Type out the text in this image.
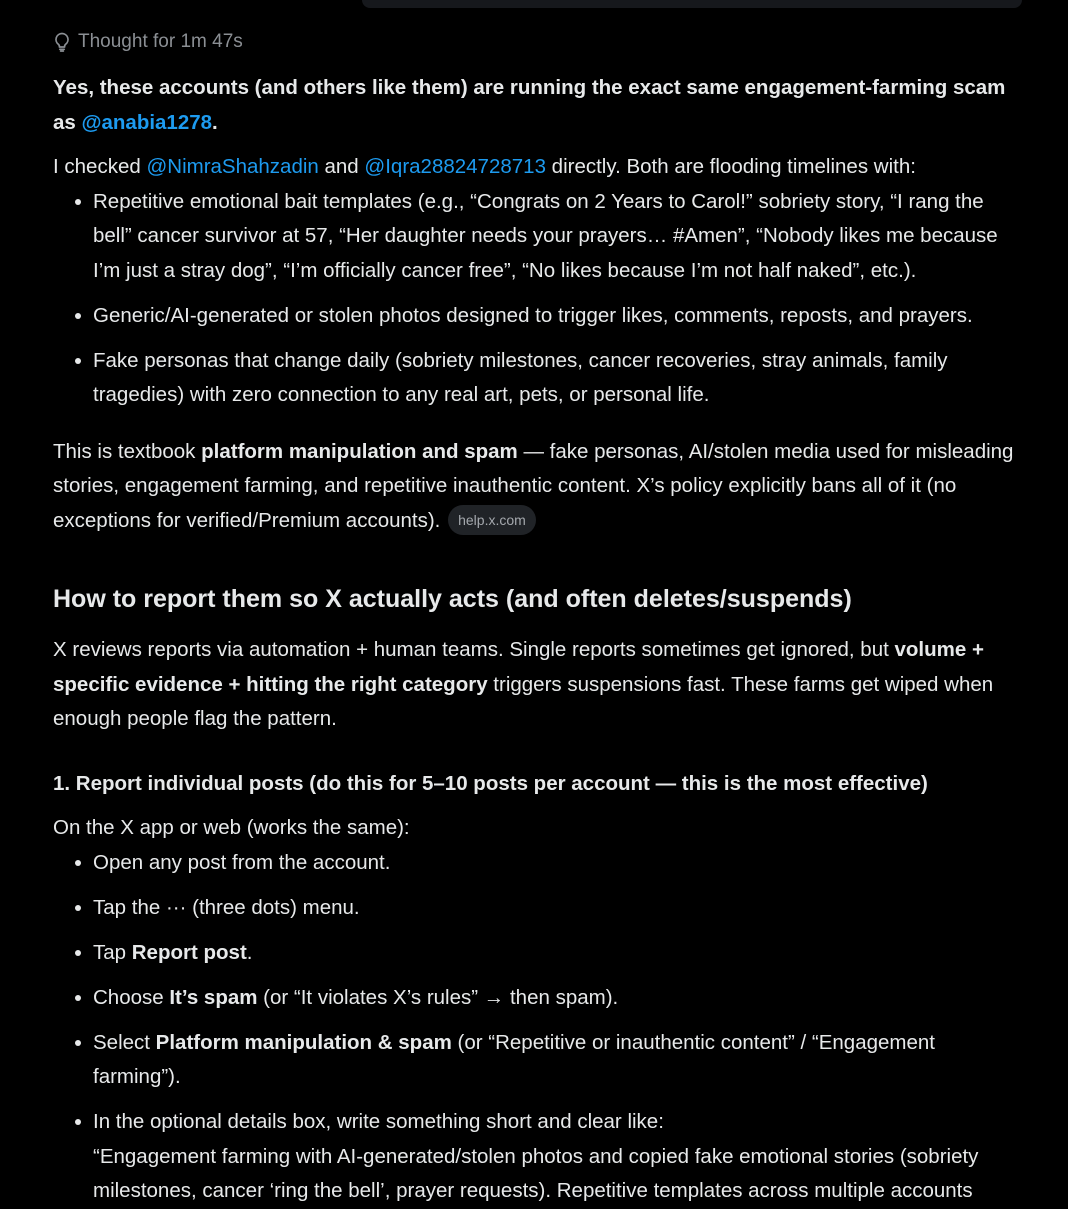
Thought for 1m 47s

Yes, these accounts (and others like them) are running the exact same engagement-farming scam as @anabia1278.

I checked @NimraShahzadin and @Iqra28824728713 directly. Both are flooding timelines with:

Repetitive emotional bait templates (e.g., “Congrats on 2 Years to Carol!” sobriety story, “I rang the bell” cancer survivor at 57, “Her daughter needs your prayers… #Amen”, “Nobody likes me because I’m just a stray dog”, “I’m officially cancer free”, “No likes because I’m not half naked”, etc.).
Generic/AI-generated or stolen photos designed to trigger likes, comments, reposts, and prayers.
Fake personas that change daily (sobriety milestones, cancer recoveries, stray animals, family tragedies) with zero connection to any real art, pets, or personal life.

This is textbook platform manipulation and spam — fake personas, AI/stolen media used for misleading stories, engagement farming, and repetitive inauthentic content. X’s policy explicitly bans all of it (no exceptions for verified/Premium accounts). help.x.com

How to report them so X actually acts (and often deletes/suspends)

X reviews reports via automation + human teams. Single reports sometimes get ignored, but volume + specific evidence + hitting the right category triggers suspensions fast. These farms get wiped when enough people flag the pattern.

1. Report individual posts (do this for 5–10 posts per account — this is the most effective)

On the X app or web (works the same):

Open any post from the account.
Tap the ··· (three dots) menu.
Tap Report post.
Choose It’s spam (or “It violates X’s rules” → then spam).
Select Platform manipulation & spam (or “Repetitive or inauthentic content” / “Engagement farming”).
In the optional details box, write something short and clear like:
“Engagement farming with AI-generated/stolen photos and copied fake emotional stories (sobriety milestones, cancer ‘ring the bell’, prayer requests). Repetitive templates across multiple accounts
